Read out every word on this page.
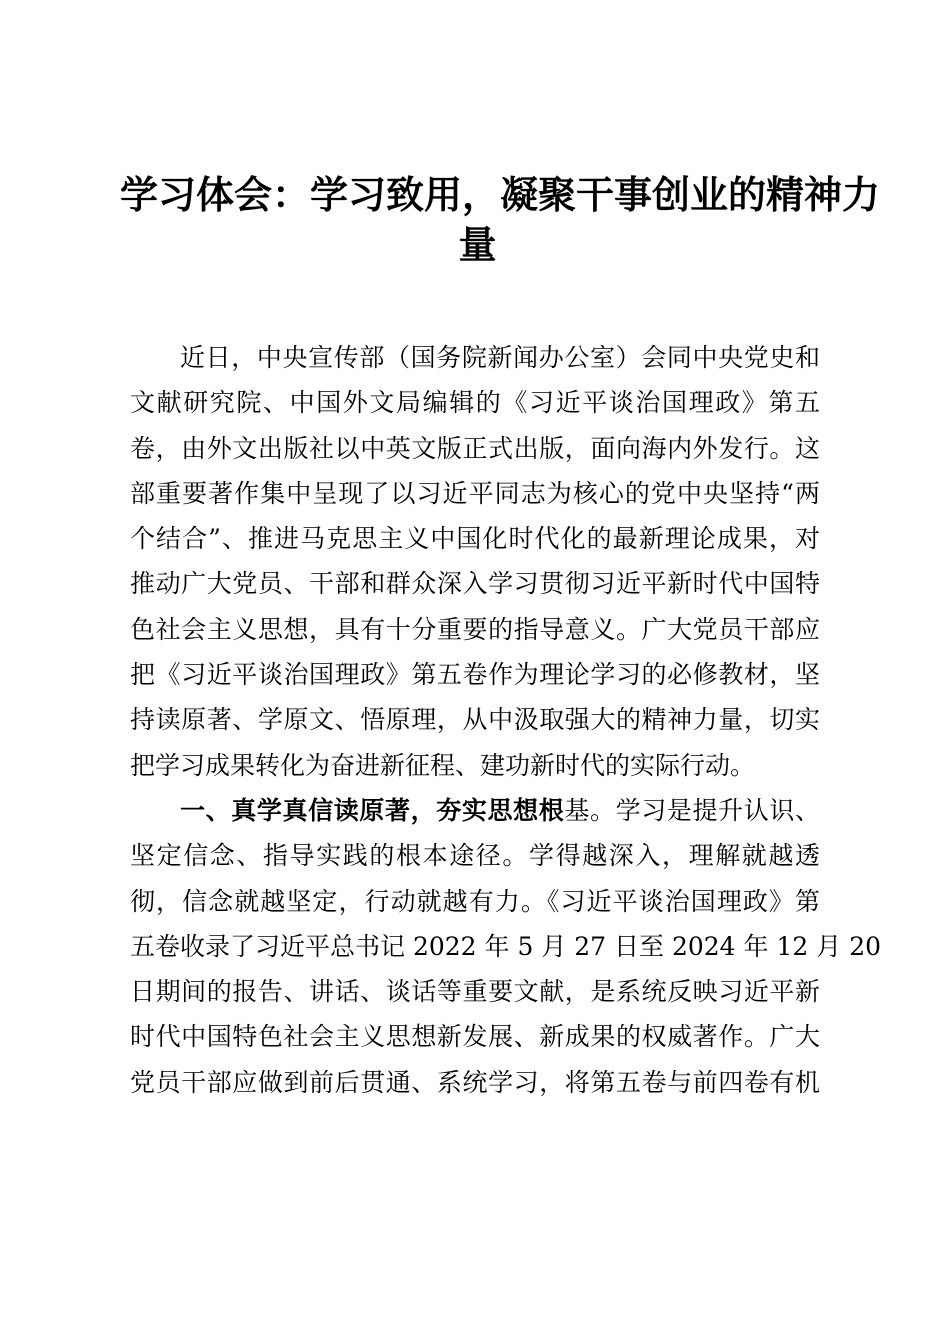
学习体会：学习致用，凝聚干事创业的精神力
量
近日，中央宣传部（国务院新闻办公室）会同中央党史和
文献研究院、中国外文局编辑的《习近平谈治国理政》第五
卷，由外文出版社以中英文版正式出版，面向海内外发行。这
部重要著作集中呈现了以习近平同志为核心的党中央坚持“两
个结合”、推进马克思主义中国化时代化的最新理论成果，对
推动广大党员、干部和群众深入学习贯彻习近平新时代中国特
色社会主义思想，具有十分重要的指导意义。广大党员干部应
把《习近平谈治国理政》第五卷作为理论学习的必修教材，坚
持读原著、学原文、悟原理，从中汲取强大的精神力量，切实
把学习成果转化为奋进新征程、建功新时代的实际行动。
一、真学真信读原著，夯实思想根基。学习是提升认识、
坚定信念、指导实践的根本途径。学得越深入，理解就越透
彻，信念就越坚定，行动就越有力。《习近平谈治国理政》第
五卷收录了习近平总书记 2022 年 5 月 27 日至 2024 年 12 月 20
日期间的报告、讲话、谈话等重要文献，是系统反映习近平新
时代中国特色社会主义思想新发展、新成果的权威著作。广大
党员干部应做到前后贯通、系统学习，将第五卷与前四卷有机
